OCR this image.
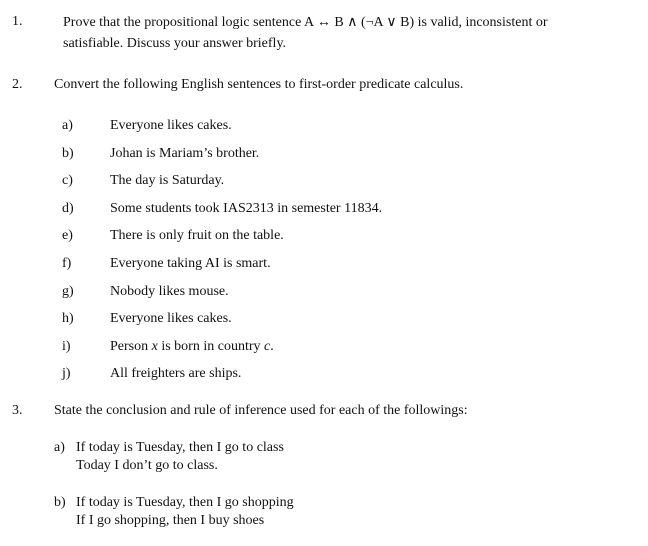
1.	Prove that the propositional logic sentence A ↔ B ∧ (¬A ∨ B) is valid, inconsistent or
satisfiable. Discuss your answer briefly.
2. Convert the following English sentences to first-order predicate calculus.
a)	Everyone likes cakes.
b)	Johan is Mariam’s brother.
c)	The day is Saturday.
d)	Some students took IAS2313 in semester 11834.
e)	There is only fruit on the table.
f)	Everyone taking AI is smart.
g)	Nobody likes mouse.
h)	Everyone likes cakes.
i)	Person x is born in country c.
j)	All freighters are ships.
3. State the conclusion and rule of inference used for each of the followings:
a) If today is Tuesday, then I go to class
Today I don’t go to class.
b) If today is Tuesday, then I go shopping
If I go shopping, then I buy shoes
